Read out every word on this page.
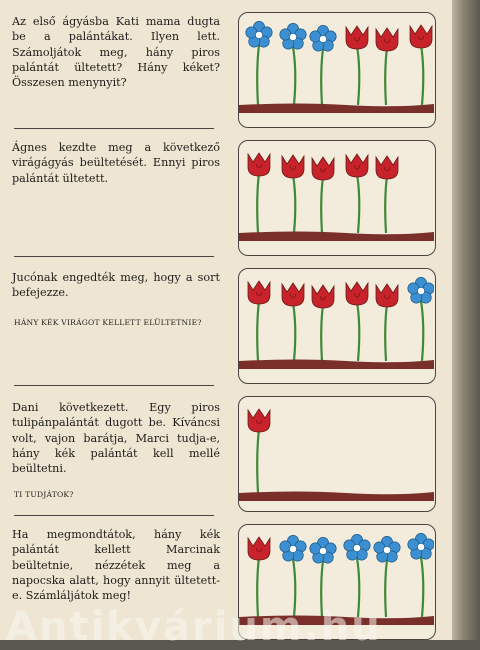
Az első ágyásba Kati mama dugta be a palántákat. Ilyen lett. Számoljátok meg, hány piros palántát ültetett? Hány kéket? Összesen menynyit?

Ágnes kezdte meg a következő virágágyás beültetését. Ennyi piros palántát ültetett.

Jucónak engedték meg, hogy a sort befejezze.

HÁNY KÉK VIRÁGOT KELLETT ELÜLTETNIE?

Dani következett. Egy piros tulipánpalántát dugott be. Kíváncsi volt, vajon barátja, Marci tudja-e, hány kék palántát kell mellé beültetni.

TI TUDJÁTOK?

Ha megmondtátok, hány kék palántát kellett Marcinak beültetnie, nézzétek meg a napocska alatt, hogy annyit ültetett-e. Számláljátok meg!

Antikvárium.hu
